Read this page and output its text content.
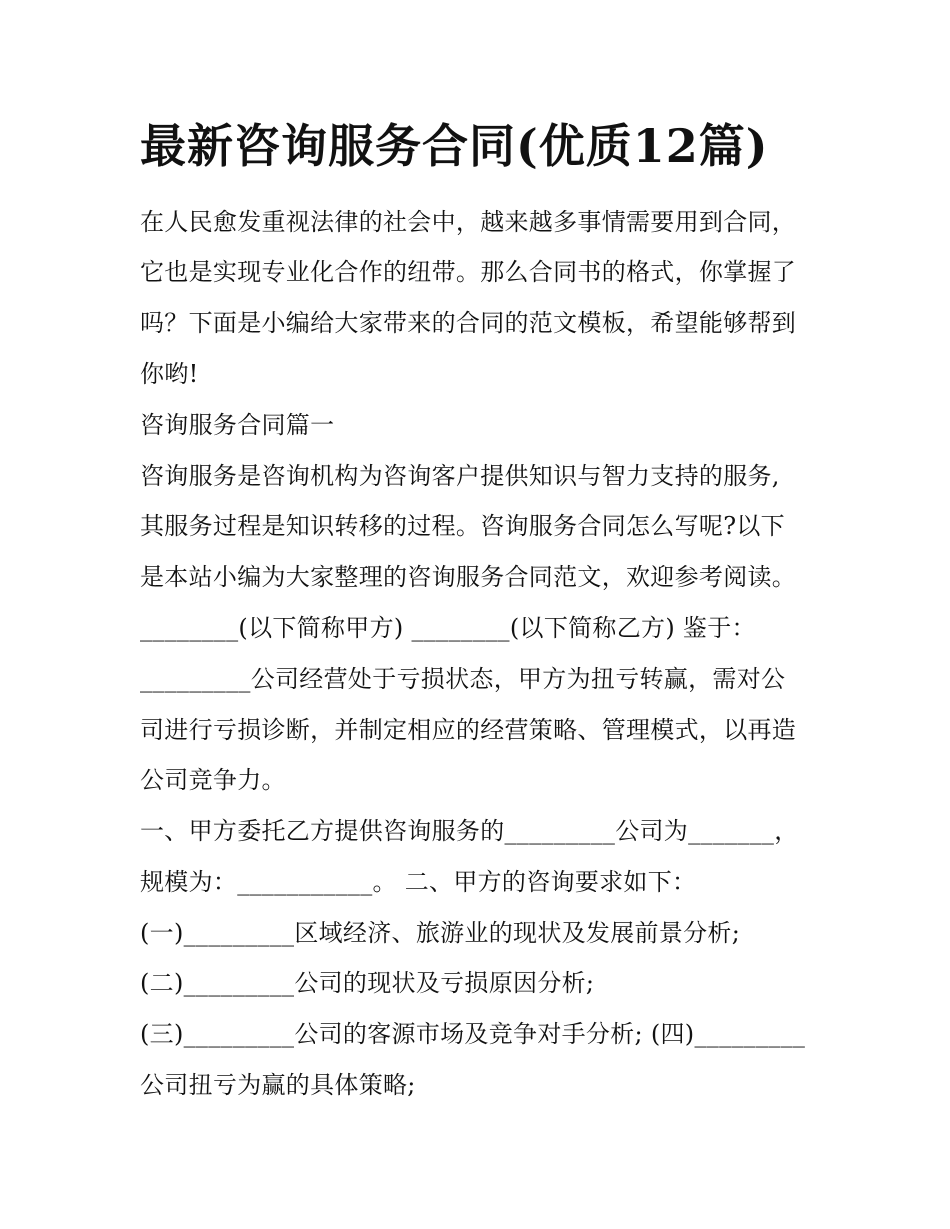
最新咨询服务合同(优质12篇)
在人民愈发重视法律的社会中，越来越多事情需要用到合同，
它也是实现专业化合作的纽带。那么合同书的格式，你掌握了
吗？下面是小编给大家带来的合同的范文模板，希望能够帮到
你哟!
咨询服务合同篇一
咨询服务是咨询机构为咨询客户提供知识与智力支持的服务,
其服务过程是知识转移的过程。咨询服务合同怎么写呢?以下
是本站小编为大家整理的咨询服务合同范文，欢迎参考阅读。
________(以下简称甲方) ________(以下简称乙方) 鉴于：
_________公司经营处于亏损状态，甲方为扭亏转赢，需对公
司进行亏损诊断，并制定相应的经营策略、管理模式，以再造
公司竞争力。
一、甲方委托乙方提供咨询服务的_________公司为_______，
规模为：___________。 二、甲方的咨询要求如下：
(一)_________区域经济、旅游业的现状及发展前景分析;
(二)_________公司的现状及亏损原因分析;
(三)_________公司的客源市场及竞争对手分析; (四)_________
公司扭亏为赢的具体策略;
